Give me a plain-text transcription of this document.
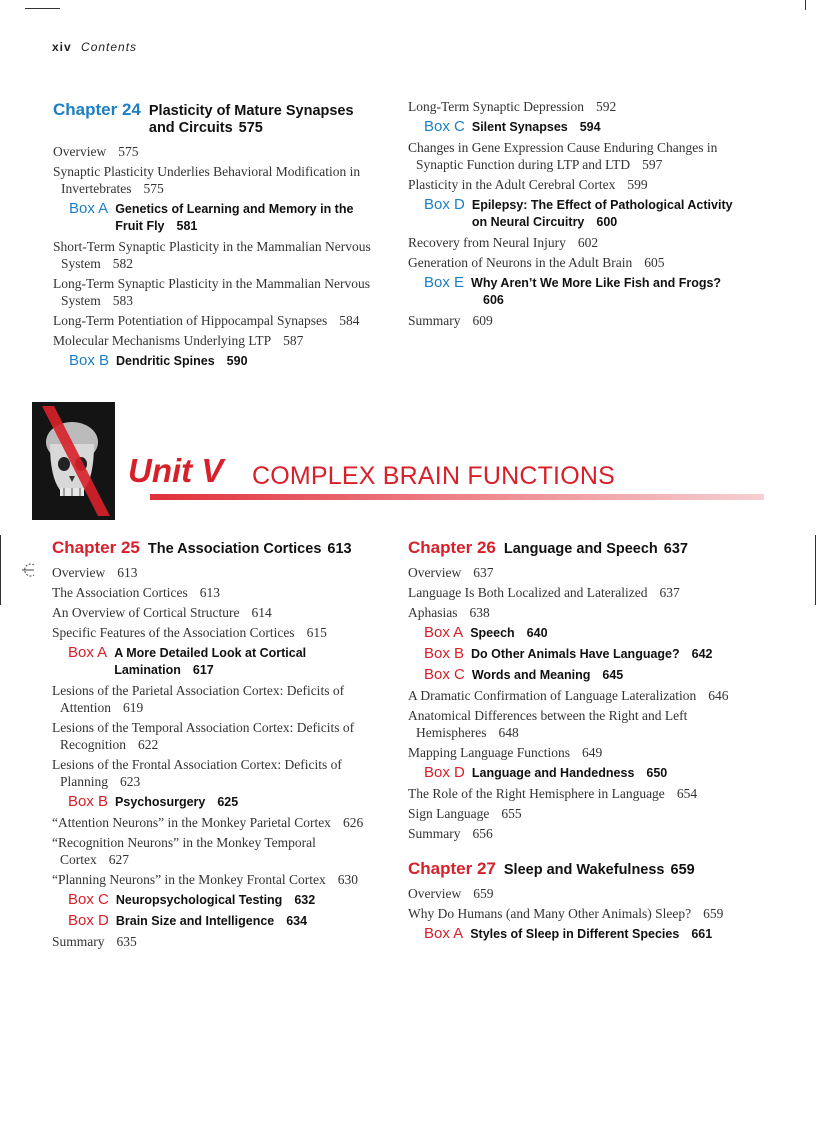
xiv Contents
Chapter 24 Plasticity of Mature Synapses and Circuits 575
Overview 575
Synaptic Plasticity Underlies Behavioral Modification in Invertebrates 575
Box A Genetics of Learning and Memory in the Fruit Fly 581
Short-Term Synaptic Plasticity in the Mammalian Nervous System 582
Long-Term Synaptic Plasticity in the Mammalian Nervous System 583
Long-Term Potentiation of Hippocampal Synapses 584
Molecular Mechanisms Underlying LTP 587
Box B Dendritic Spines 590
Long-Term Synaptic Depression 592
Box C Silent Synapses 594
Changes in Gene Expression Cause Enduring Changes in Synaptic Function during LTP and LTD 597
Plasticity in the Adult Cerebral Cortex 599
Box D Epilepsy: The Effect of Pathological Activity on Neural Circuitry 600
Recovery from Neural Injury 602
Generation of Neurons in the Adult Brain 605
Box E Why Aren’t We More Like Fish and Frogs?606
Summary 609
Unit V COMPLEX BRAIN FUNCTIONS
Chapter 25 The Association Cortices 613
Overview 613
The Association Cortices 613
An Overview of Cortical Structure 614
Specific Features of the Association Cortices 615
Box A A More Detailed Look at Cortical Lamination 617
Lesions of the Parietal Association Cortex: Deficits of Attention 619
Lesions of the Temporal Association Cortex: Deficits of Recognition 622
Lesions of the Frontal Association Cortex: Deficits of Planning 623
Box B Psychosurgery 625
“Attention Neurons” in the Monkey Parietal Cortex 626
“Recognition Neurons” in the Monkey Temporal Cortex 627
“Planning Neurons” in the Monkey Frontal Cortex 630
Box C Neuropsychological Testing 632
Box D Brain Size and Intelligence 634
Summary 635
Chapter 26 Language and Speech 637
Overview 637
Language Is Both Localized and Lateralized 637
Aphasias 638
Box A Speech 640
Box B Do Other Animals Have Language? 642
Box C Words and Meaning 645
A Dramatic Confirmation of Language Lateralization 646
Anatomical Differences between the Right and Left Hemispheres 648
Mapping Language Functions 649
Box D Language and Handedness 650
The Role of the Right Hemisphere in Language 654
Sign Language 655
Summary 656
Chapter 27 Sleep and Wakefulness 659
Overview 659
Why Do Humans (and Many Other Animals) Sleep? 659
Box A Styles of Sleep in Different Species 661
